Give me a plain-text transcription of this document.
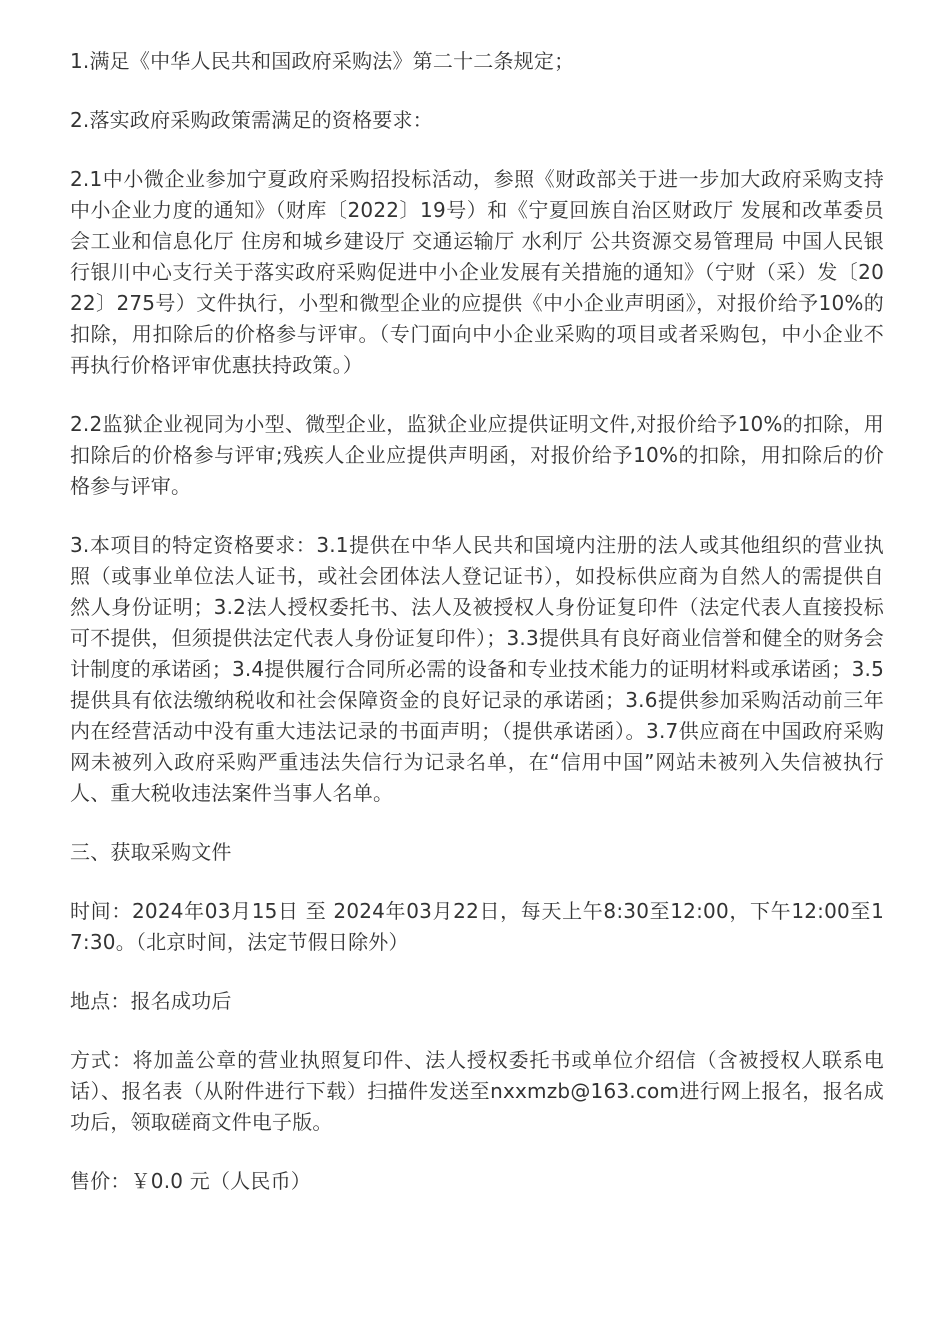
1.满足《中华人民共和国政府采购法》第二十二条规定；

2.落实政府采购政策需满足的资格要求：

2.1中小微企业参加宁夏政府采购招投标活动，参照《财政部关于进一步加大政府采购支持中小企业力度的通知》（财库〔2022〕19号）和《宁夏回族自治区财政厅 发展和改革委员会工业和信息化厅 住房和城乡建设厅 交通运输厅 水利厅 公共资源交易管理局 中国人民银行银川中心支行关于落实政府采购促进中小企业发展有关措施的通知》（宁财（采）发〔2022〕275号）文件执行，小型和微型企业的应提供《中小企业声明函》，对报价给予10%的扣除，用扣除后的价格参与评审。（专门面向中小企业采购的项目或者采购包，中小企业不再执行价格评审优惠扶持政策。）

2.2监狱企业视同为小型、微型企业，监狱企业应提供证明文件,对报价给予10%的扣除，用扣除后的价格参与评审;残疾人企业应提供声明函，对报价给予10%的扣除，用扣除后的价格参与评审。

3.本项目的特定资格要求：3.1提供在中华人民共和国境内注册的法人或其他组织的营业执照（或事业单位法人证书，或社会团体法人登记证书），如投标供应商为自然人的需提供自然人身份证明；3.2法人授权委托书、法人及被授权人身份证复印件（法定代表人直接投标可不提供，但须提供法定代表人身份证复印件）；3.3提供具有良好商业信誉和健全的财务会计制度的承诺函；3.4提供履行合同所必需的设备和专业技术能力的证明材料或承诺函；3.5提供具有依法缴纳税收和社会保障资金的良好记录的承诺函；3.6提供参加采购活动前三年内在经营活动中没有重大违法记录的书面声明；（提供承诺函）。3.7供应商在中国政府采购网未被列入政府采购严重违法失信行为记录名单，在“信用中国”网站未被列入失信被执行人、重大税收违法案件当事人名单。

三、获取采购文件

时间：2024年03月15日 至 2024年03月22日，每天上午8:30至12:00，下午12:00至17:30。（北京时间，法定节假日除外）

地点：报名成功后

方式：将加盖公章的营业执照复印件、法人授权委托书或单位介绍信（含被授权人联系电话）、报名表（从附件进行下载）扫描件发送至nxxmzb@163.com进行网上报名，报名成功后，领取磋商文件电子版。

售价：￥0.0 元（人民币）
